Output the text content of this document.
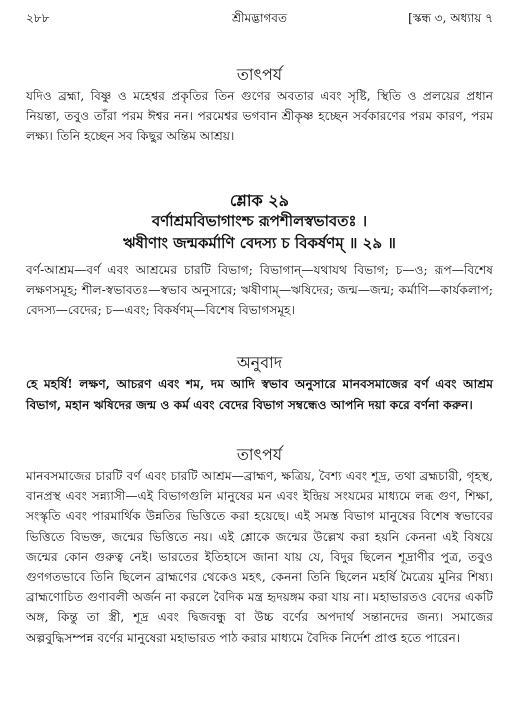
২৮৮	শ্রীমদ্ভাগবত	[স্কন্ধ ৩, অধ্যায় ৭
তাৎপর্য
যদিও ব্রহ্মা, বিষ্ণু ও মহেশ্বর প্রকৃতির তিন গুণের অবতার এবং সৃষ্টি, স্থিতি ও প্রলয়ের প্রধান নিয়ন্তা, তবুও তাঁরা পরম ঈশ্বর নন। পরমেশ্বর ভগবান শ্রীকৃষ্ণ হচ্ছেন সর্বকারণের পরম কারণ, পরম লক্ষ্য। তিনি হচ্ছেন সব কিছুর অন্তিম আশ্রয়।
শ্লোক ২৯
বর্ণাশ্রমবিভাগাংশ্চ রূপশীলস্বভাবতঃ ।
ঋষীণাং জন্মকর্মাণি বেদস্য চ বিকর্ষণম্ ॥ ২৯ ॥
বর্ণ-আশ্রম—বর্ণ এবং আশ্রমের চারটি বিভাগ; বিভাগান্—যথাযথ বিভাগ; চ—ও; রূপ—বিশেষ লক্ষণসমূহ; শীল-স্বভাবতঃ—স্বভাব অনুসারে; ঋষীণাম্—ঋষিদের; জন্ম—জন্ম; কর্মাণি—কার্যকলাপ; বেদস্য—বেদের; চ—এবং; বিকর্ষণম্—বিশেষ বিভাগসমূহ।
অনুবাদ
হে মহর্ষি! লক্ষণ, আচরণ এবং শম, দম আদি স্বভাব অনুসারে মানবসমাজের বর্ণ এবং আশ্রম বিভাগ, মহান ঋষিদের জন্ম ও কর্ম এবং বেদের বিভাগ সম্বন্ধেও আপনি দয়া করে বর্ণনা করুন।
তাৎপর্য
মানবসমাজের চারটি বর্ণ এবং চারটি আশ্রম—ব্রাহ্মণ, ক্ষত্রিয়, বৈশ্য এবং শূদ্র, তথা ব্রহ্মচারী, গৃহস্থ, বানপ্রস্থ এবং সন্ন্যাসী—এই বিভাগগুলি মানুষের মন এবং ইন্দ্রিয় সংযমের মাধ্যমে লব্ধ গুণ, শিক্ষা, সংস্কৃতি এবং পারমার্থিক উন্নতির ভিত্তিতে করা হয়েছে। এই সমস্ত বিভাগ মানুষের বিশেষ স্বভাবের ভিত্তিতে বিভক্ত, জন্মের ভিত্তিতে নয়। এই শ্লোকে জন্মের উল্লেখ করা হয়নি কেননা এই বিষয়ে জন্মের কোন গুরুত্ব নেই। ভারতের ইতিহাসে জানা যায় যে, বিদুর ছিলেন শূদ্রাণীর পুত্র, তবুও গুণগতভাবে তিনি ছিলেন ব্রাহ্মণের থেকেও মহৎ, কেননা তিনি ছিলেন মহর্ষি মৈত্রেয় মুনির শিষ্য। ব্রাহ্মণোচিত গুণাবলী অর্জন না করলে বৈদিক মন্ত্র হৃদয়ঙ্গম করা যায় না। মহাভারতও বেদের একটি অঙ্গ, কিন্তু তা স্ত্রী, শূদ্র এবং দ্বিজবন্ধু বা উচ্চ বর্ণের অপদার্থ সন্তানদের জন্য। সমাজের অল্পবুদ্ধিসম্পন্ন বর্ণের মানুষেরা মহাভারত পাঠ করার মাধ্যমে বৈদিক নির্দেশ প্রাপ্ত হতে পারেন।
